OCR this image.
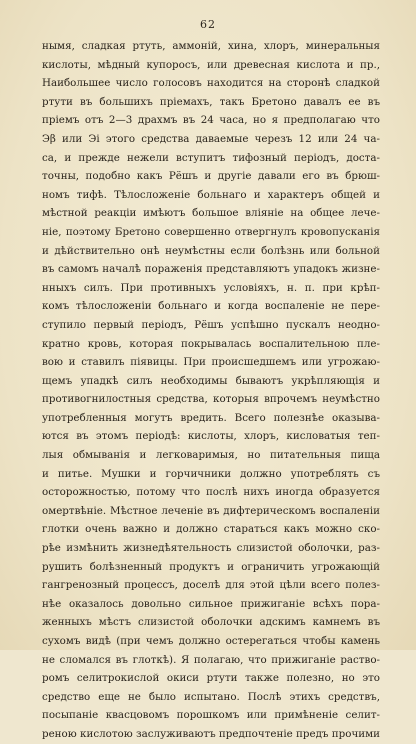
62
нымя, сладкая ртуть, аммоній, хина, хлоръ, минеральныя
кислоты, мѣдный купоросъ, или древесная кислота и пр.,
Наибольшее число голосовъ находится на сторонѣ сладкой
ртути въ большихъ пріемахъ, такъ Бретоно давалъ ее въ
пріемъ отъ 2—3 драхмъ въ 24 часа, но я предполагаю что
Эβ или Эi этого средства даваемые черезъ 12 или 24 ча-
са, и прежде нежели вступитъ тифозный періодъ, доста-
точны, подобно какъ Рёшъ и другіе давали его въ брюш-
номъ тифѣ. Тѣлосложеніе больнаго и характеръ общей и
мѣстной реакціи имѣютъ большое вліяніе на общее лече-
ніе, поэтому Бретоно совершенно отвергнулъ кровопусканія
и дѣйствительно онѣ неумѣстны если болѣзнь или больной
въ самомъ началѣ пораженія представляютъ упадокъ жизне-
нныхъ силъ. При противныхъ условіяхъ, н. п. при крѣп-
комъ тѣлосложеніи больнаго и когда воспаленіе не пере-
ступило первый періодъ, Рёшъ успѣшно пускалъ неодно-
кратно кровь, которая покрывалась воспалительною пле-
вою и ставилъ піявицы. При происшедшемъ или угрожаю-
щемъ упадкѣ силъ необходимы бываютъ укрѣпляющія и
противогнилостныя средства, которыя впрочемъ неумѣстно
употребленныя могутъ вредить. Всего полезнѣе оказыва-
ются въ этомъ періодѣ: кислоты, хлоръ, кисловатыя теп-
лыя обмыванія и легковаримыя, но питательныя пища
и питье. Мушки и горчичники должно употреблять съ
осторожностью, потому что послѣ нихъ иногда образуется
омертвѣніе. Мѣстное леченіе въ дифтерическомъ воспаленіи
глотки очень важно и должно стараться какъ можно ско-
рѣе измѣнить жизнедѣятельность слизистой оболочки, раз-
рушить болѣзненный продуктъ и ограничить угрожающій
гангренозный процессъ, доселѣ для этой цѣли всего полез-
нѣе оказалось довольно сильное прижиганіе всѣхъ пора-
женныхъ мѣстъ слизистой оболочки адскимъ камнемъ въ
сухомъ видѣ (при чемъ должно остерегаться чтобы камень
не сломался въ глоткѣ). Я полагаю, что прижиганіе раство-
ромъ селитрокислой окиси ртути также полезно, но это
средство еще не было испытано. Послѣ этихъ средствъ,
посыпаніе квасцовомъ порошкомъ или примѣненіе селит-
реною кислотою заслуживаютъ предпочтеніе предъ прочими
